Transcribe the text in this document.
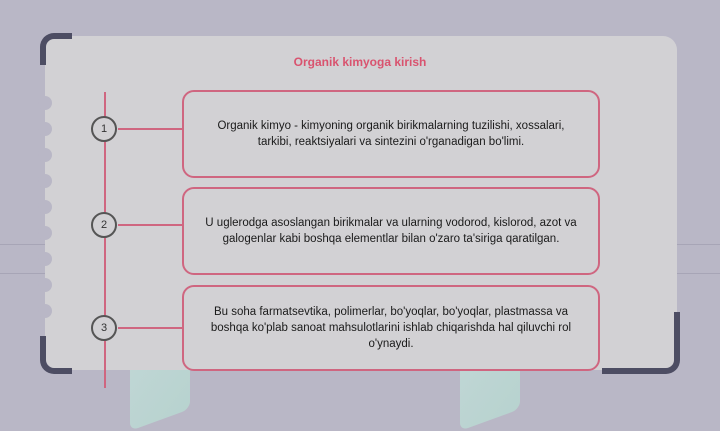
Organik kimyoga kirish
1
2
3
Organik kimyo - kimyoning organik birikmalarning tuzilishi, xossalari, tarkibi, reaktsiyalari va sintezini o'rganadigan bo'limi.
U uglerodga asoslangan birikmalar va ularning vodorod, kislorod, azot va galogenlar kabi boshqa elementlar bilan o'zaro ta'siriga qaratilgan.
Bu soha farmatsevtika, polimerlar, bo'yoqlar, bo'yoqlar, plastmassa va boshqa ko'plab sanoat mahsulotlarini ishlab chiqarishda hal qiluvchi rol o'ynaydi.
